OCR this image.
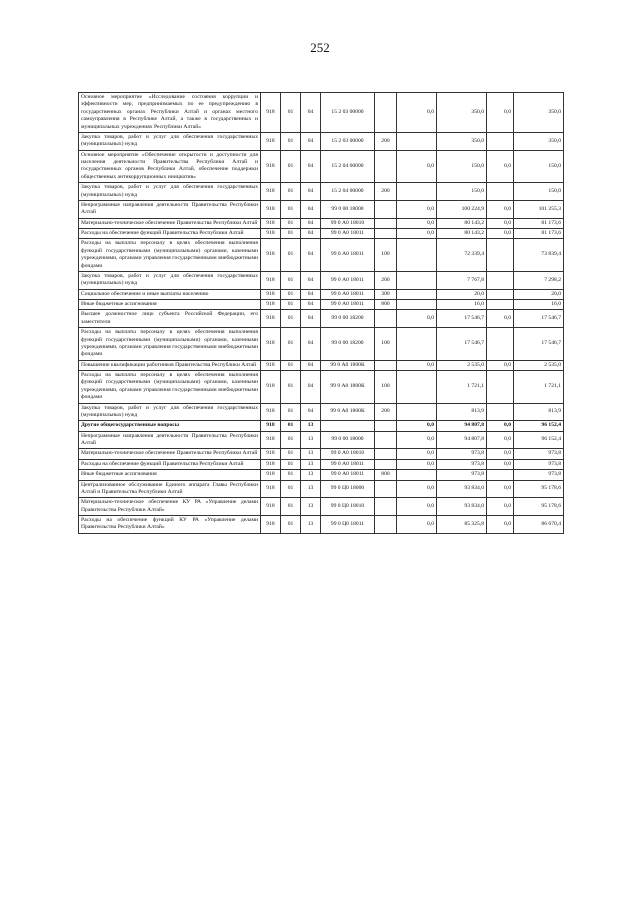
252
Основное мероприятие «Исследование состояния коррупции и эффективности мер, предпринимаемых по ее предупреждению в государственных органах Республики Алтай и органах местного самоуправления в Республике Алтай, а также в государственных и муниципальных учреждениях Республики Алтай»	918	01	04	15 2 03 00000		0,0	350,0	0,0	350,0
Закупка товаров, работ и услуг для обеспечения государственных (муниципальных) нужд	918	01	04	15 2 03 00000	200		350,0		350,0
Основное мероприятие «Обеспечение открытости и доступности для населения деятельности Правительства Республики Алтай и государственных органов Республики Алтай, обеспечение поддержки общественных антикоррупционных инициатив»	918	01	04	15 2 04 00000		0,0	150,0	0,0	150,0
Закупка товаров, работ и услуг для обеспечения государственных (муниципальных) нужд	918	01	04	15 2 04 00000	200		150,0		150,0
Непрограммные направления деятельности Правительства Республики Алтай	918	01	04	99 0 00 18000		0,0	100 224,9	0,0	101 255,3
Материально-техническое обеспечение Правительства Республики Алтай	918	01	04	99 0 А0 18010		0,0	80 143,2	0,0	81 173,6
Расходы на обеспечение функций Правительства Республики Алтай	918	01	04	99 0 А0 18011		0,0	80 143,2	0,0	81 173,6
Расходы на выплаты персоналу в целях обеспечения выполнения функций государственными (муниципальными) органами, казенными учреждениями, органами управления государственными внебюджетными фондами	918	01	04	99 0 А0 18011	100		72 339,4		73 839,4
Закупка товаров, работ и услуг для обеспечения государственных (муниципальных) нужд	918	01	04	99 0 А0 18011	200		7 767,8		7 298,2
Социальное обеспечение и иные выплаты населению	918	01	04	99 0 А0 18011	300		20,0		20,0
Иные бюджетные ассигнования	918	01	04	99 0 А0 18011	800		16,0		16,0
Высшее должностное лицо субъекта Российской Федерации, его заместители	918	01	04	99 0 00 18200		0,0	17 546,7	0,0	17 546,7
Расходы на выплаты персоналу в целях обеспечения выполнения функций государственными (муниципальными) органами, казенными учреждениями, органами управления государственными внебюджетными фондами	918	01	04	99 0 00 18200	100		17 546,7		17 546,7
Повышение квалификации работников Правительства Республики Алтай	918	01	04	99 0 А0 1800К		0,0	2 535,0	0,0	2 535,0
Расходы на выплаты персоналу в целях обеспечения выполнения функций государственными (муниципальными) органами, казенными учреждениями, органами управления государственными внебюджетными фондами	918	01	04	99 0 А0 1800К	100		1 721,1		1 721,1
Закупка товаров, работ и услуг для обеспечения государственных (муниципальных) нужд	918	01	04	99 0 А0 1800К	200		813,9		813,9
Другие общегосударственные вопросы	918	01	13			0,0	94 807,8	0,0	96 152,4
Непрограммные направления деятельности Правительства Республики Алтай	918	01	13	99 0 00 18000		0,0	94 807,8	0,0	96 152,4
Материально-техническое обеспечение Правительства Республики Алтай	918	01	13	99 0 А0 18010		0,0	973,8	0,0	973,8
Расходы на обеспечение функций Правительства Республики Алтай	918	01	13	99 0 А0 18011		0,0	973,8	0,0	973,8
Иные бюджетные ассигнования	918	01	13	99 0 А0 18011	800		973,8		973,8
Централизованное обслуживание Единого аппарата Главы Республики Алтай и Правительства Республики Алтай	918	01	13	99 0 Ц0 18000		0,0	93 834,0	0,0	95 178,6
Материально-техническое обеспечение КУ РА «Управление делами Правительства Республики Алтай»	918	01	13	99 0 Ц0 18010		0,0	93 834,0	0,0	95 178,6
Расходы на обеспечение функций КУ РА «Управление делами Правительства Республики Алтай»	918	01	13	99 0 Ц0 18011		0,0	85 325,8	0,0	86 670,4
